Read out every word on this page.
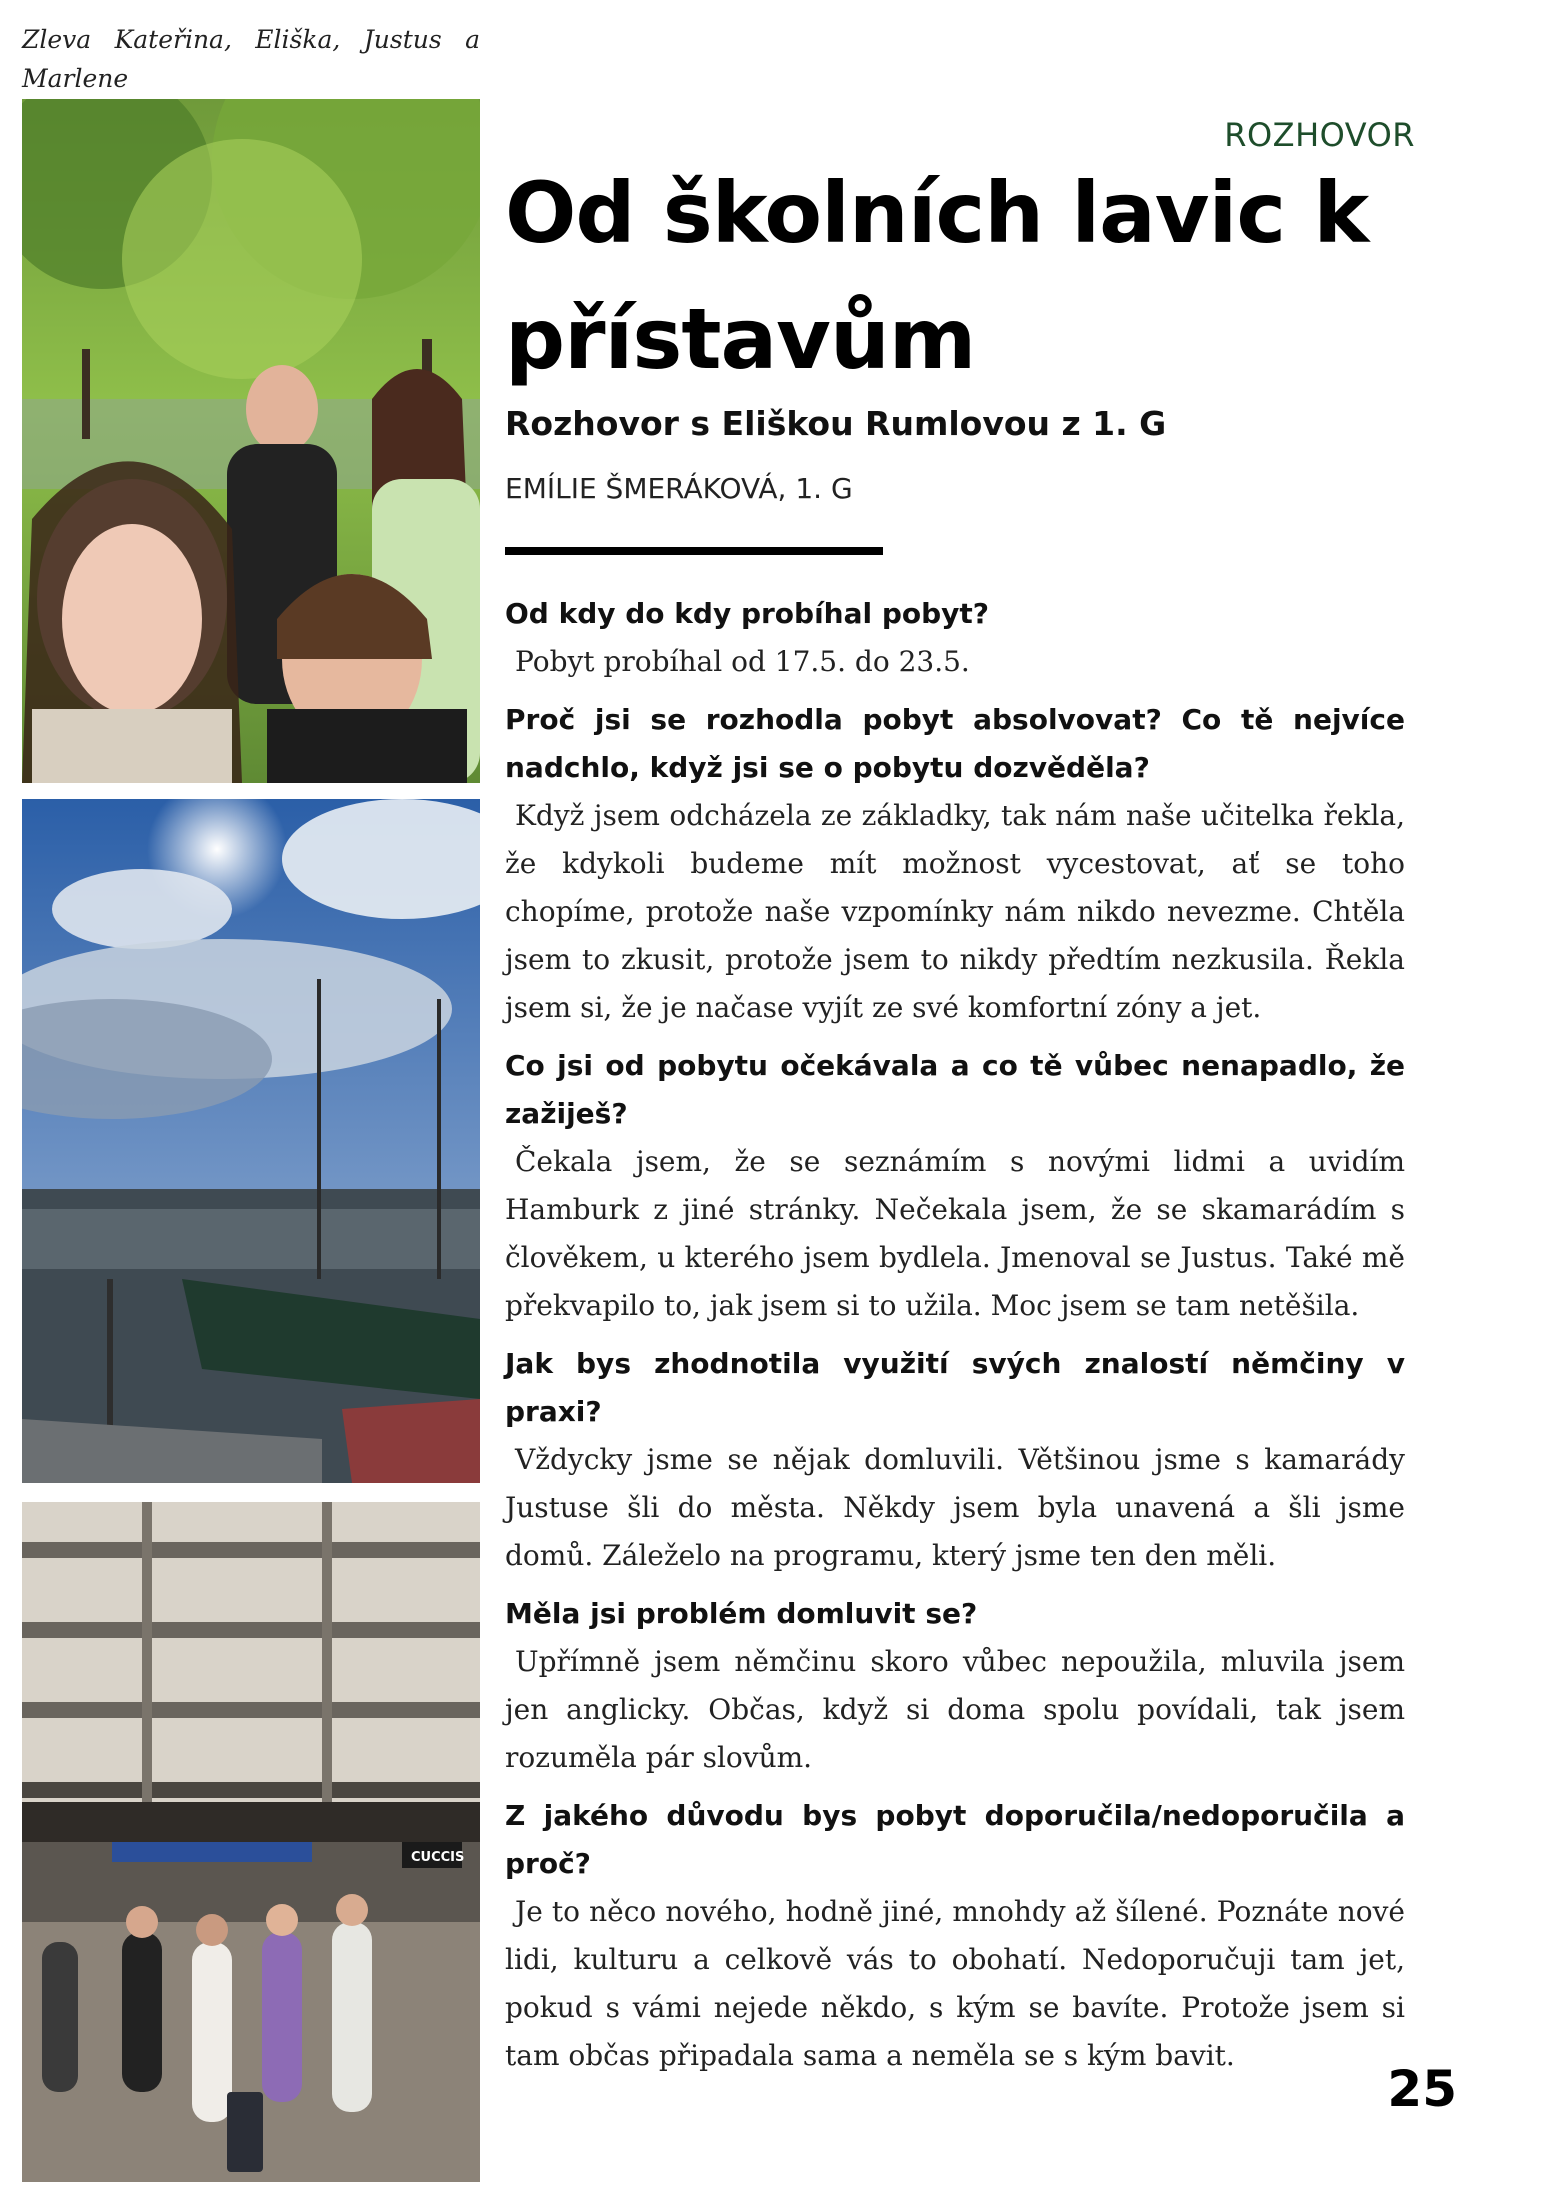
Zleva Kateřina, Eliška, Justus a
Marlene
CUCCIS
ROZHOVOR
Od školních lavic k přístavům
Rozhovor s Eliškou Rumlovou z 1. G
EMÍLIE ŠMERÁKOVÁ, 1. G

Od kdy do kdy probíhal pobyt?

Pobyt probíhal od 17.5. do 23.5.

Proč jsi se rozhodla pobyt absolvovat? Co tě nejvíce nadchlo, když jsi se o pobytu dozvěděla?

Když jsem odcházela ze základky, tak nám naše učitelka řekla, že kdykoli budeme mít možnost vycestovat, ať se toho chopíme, protože naše vzpomínky nám nikdo nevezme. Chtěla jsem to zkusit, protože jsem to nikdy předtím nezkusila. Řekla jsem si, že je načase vyjít ze své komfortní zóny a jet.

Co jsi od pobytu očekávala a co tě vůbec nenapadlo, že zažiješ?

Čekala jsem, že se seznámím s novými lidmi a uvidím Hamburk z jiné stránky. Nečekala jsem, že se skamarádím s člověkem, u kterého jsem bydlela. Jmenoval se Justus. Také mě překvapilo to, jak jsem si to užila. Moc jsem se tam netěšila.

Jak bys zhodnotila využití svých znalostí němčiny v praxi?

Vždycky jsme se nějak domluvili. Většinou jsme s kamarády Justuse šli do města. Někdy jsem byla unavená a šli jsme domů. Záleželo na programu, který jsme ten den měli.

Měla jsi problém domluvit se?

Upřímně jsem němčinu skoro vůbec nepoužila, mluvila jsem jen anglicky. Občas, když si doma spolu povídali, tak jsem rozuměla pár slovům.

Z jakého důvodu bys pobyt doporučila/nedoporučila a proč?

Je to něco nového, hodně jiné, mnohdy až šílené. Poznáte nové lidi, kulturu a celkově vás to obohatí. Nedoporučuji tam jet, pokud s vámi nejede někdo, s kým se bavíte. Protože jsem si tam občas připadala sama a neměla se s kým bavit.

25
